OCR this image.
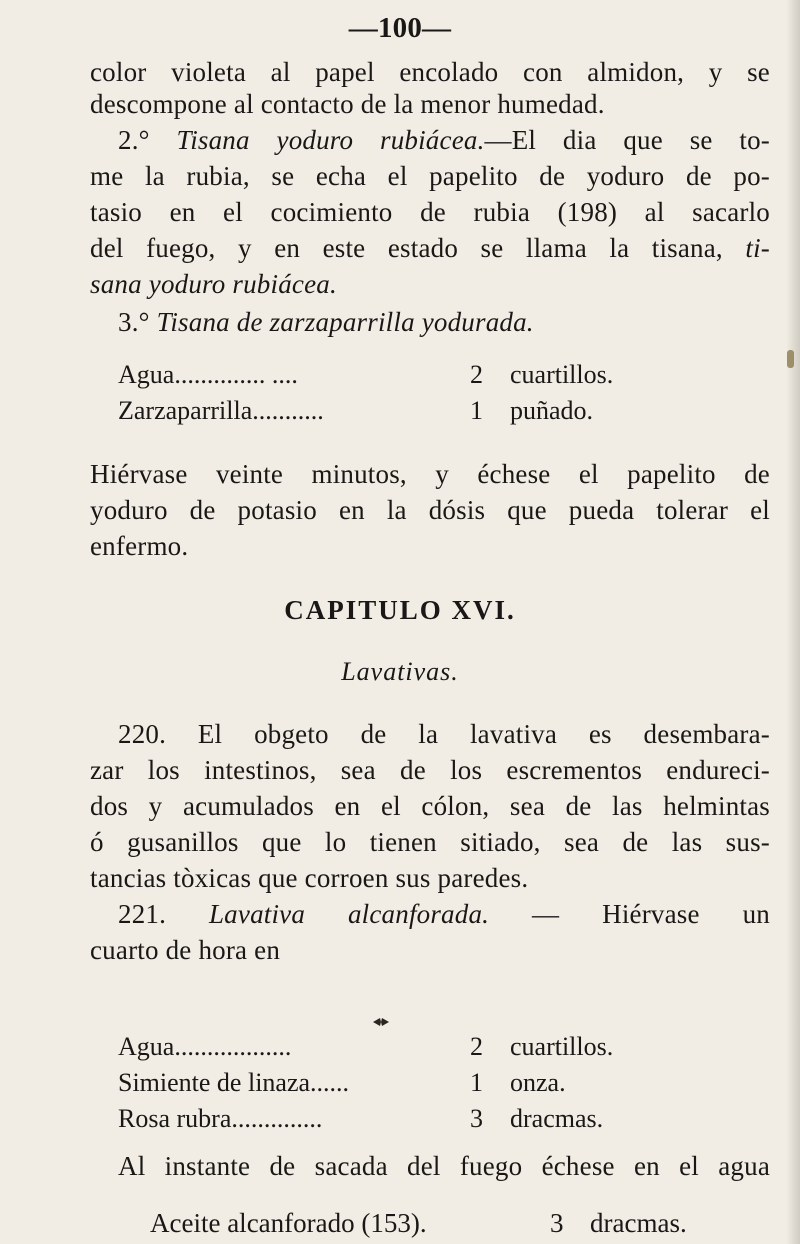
—100—
color violeta al papel encolado con almidon, y se
descompone al contacto de la menor humedad.
2.° Tisana yoduro rubiácea.—El dia que se to-
me la rubia, se echa el papelito de yoduro de po-
tasio en el cocimiento de rubia (198) al sacarlo
del fuego, y en este estado se llama la tisana, ti-
sana yoduro rubiácea.
3.° Tisana de zarzaparrilla yodurada.
Agua.............. ....	2 cuartillos.
Zarzaparrilla...........	1 puñado.
Hiérvase veinte minutos, y échese el papelito de
yoduro de potasio en la dósis que pueda tolerar el
enfermo.
CAPITULO XVI.
Lavativas.
220. El obgeto de la lavativa es desembara-
zar los intestinos, sea de los escrementos endureci-
dos y acumulados en el cólon, sea de las helmintas
ó gusanillos que lo tienen sitiado, sea de las sus-
tancias tòxicas que corroen sus paredes.
221. Lavativa alcanforada. — Hiérvase un
cuarto de hora en
Agua..................	2 cuartillos.
Simiente de linaza......	1 onza.
Rosa rubra..............	3 dracmas.
Al instante de sacada del fuego échese en el agua
Aceite alcanforado (153).	3 dracmas.
